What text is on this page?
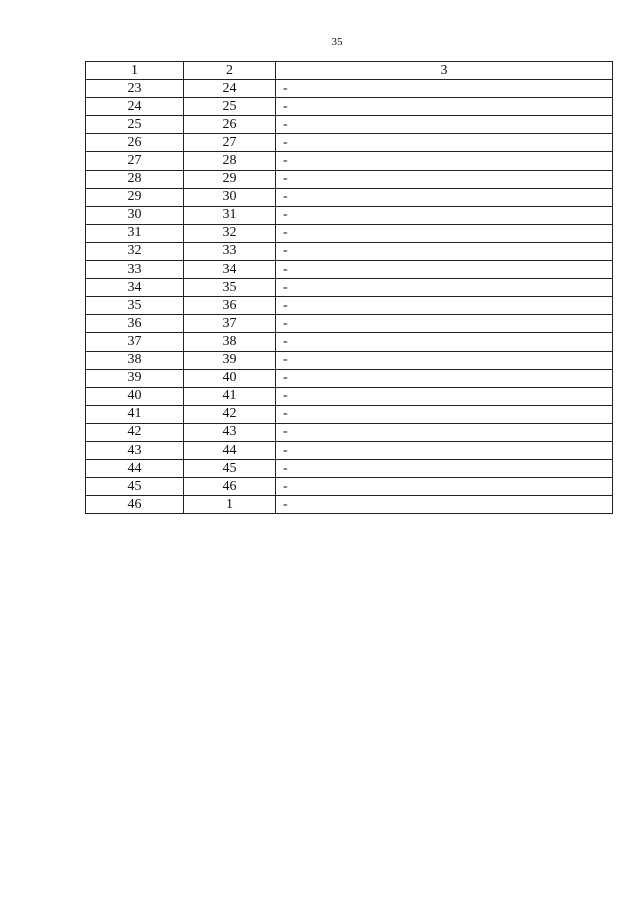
35
1	2	3
23	24	-
24	25	-
25	26	-
26	27	-
27	28	-
28	29	-
29	30	-
30	31	-
31	32	-
32	33	-
33	34	-
34	35	-
35	36	-
36	37	-
37	38	-
38	39	-
39	40	-
40	41	-
41	42	-
42	43	-
43	44	-
44	45	-
45	46	-
46	1	-
